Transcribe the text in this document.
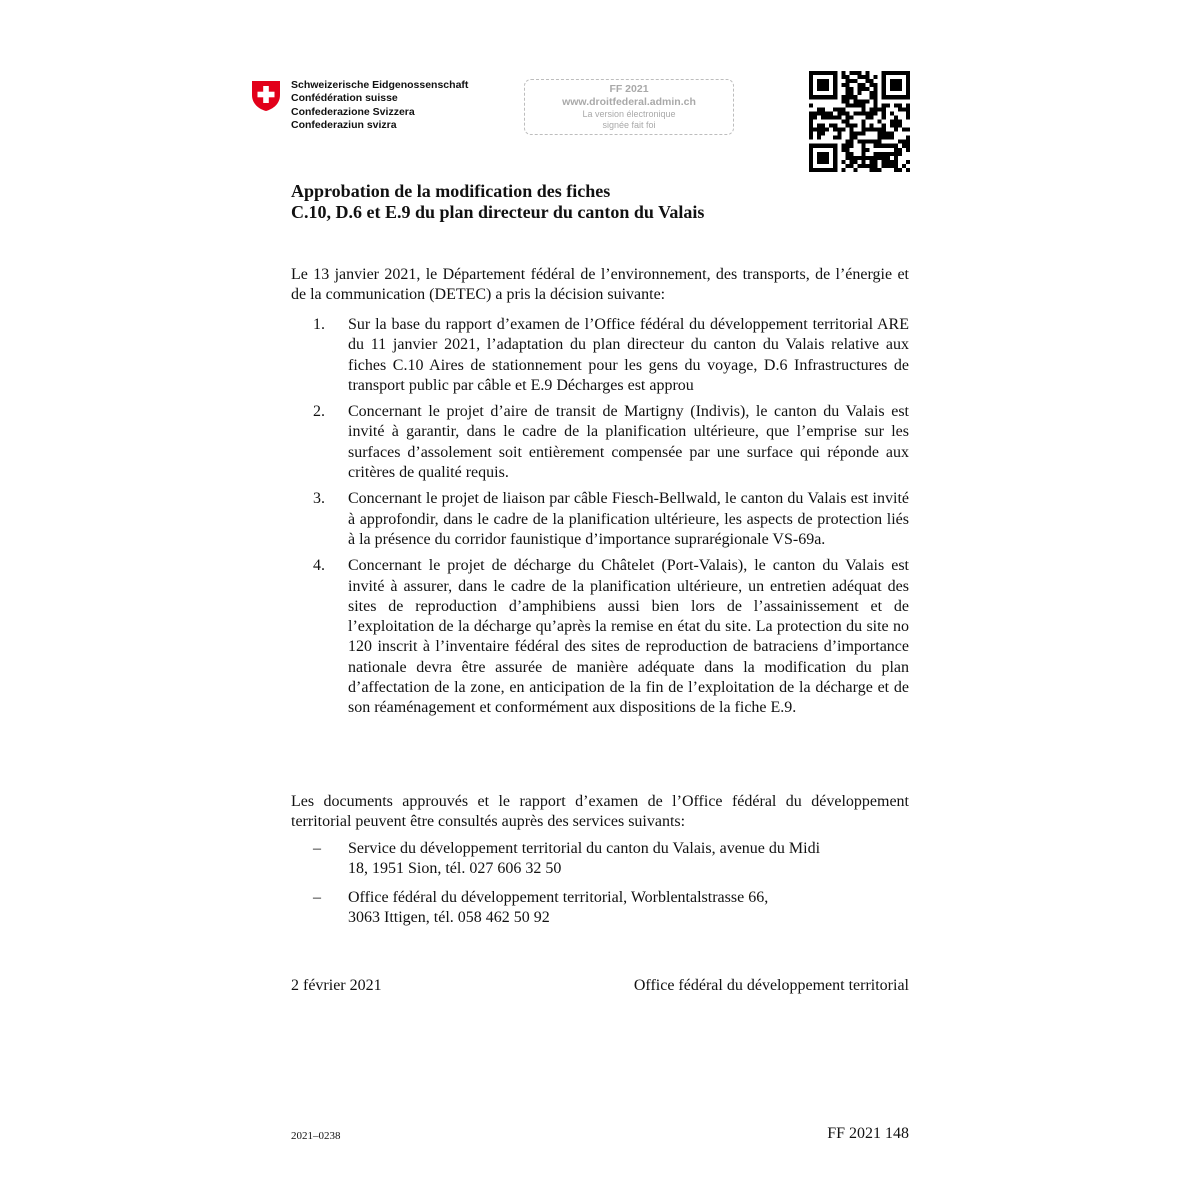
Schweizerische Eidgenossenschaft
Confédération suisse
Confederazione Svizzera
Confederaziun svizra
FF 2021
www.droitfederal.admin.ch
La version électronique
signée fait foi
Approbation de la modification des fiches
C.10, D.6 et E.9 du plan directeur du canton du Valais
Le 13 janvier 2021, le Département fédéral de l’environnement, des transports, de l’énergie et de la communication (DETEC) a pris la décision suivante:
1. Sur la base du rapport d’examen de l’Office fédéral du développement territorial ARE du 11 janvier 2021, l’adaptation du plan directeur du canton du Valais relative aux fiches C.10 Aires de stationnement pour les gens du voyage, D.6 Infrastructures de transport public par câble et E.9 Décharges est approu
2. Concernant le projet d’aire de transit de Martigny (Indivis), le canton du Valais est invité à garantir, dans le cadre de la planification ultérieure, que l’emprise sur les surfaces d’assolement soit entièrement compensée par une surface qui réponde aux critères de qualité requis.
3. Concernant le projet de liaison par câble Fiesch-Bellwald, le canton du Valais est invité à approfondir, dans le cadre de la planification ultérieure, les aspects de protection liés à la présence du corridor faunistique d’importance suprarégionale VS-69a.
4. Concernant le projet de décharge du Châtelet (Port-Valais), le canton du Valais est invité à assurer, dans le cadre de la planification ultérieure, un entretien adéquat des sites de reproduction d’amphibiens aussi bien lors de l’assainissement et de l’exploitation de la décharge qu’après la remise en état du site. La protection du site no 120 inscrit à l’inventaire fédéral des sites de reproduction de batraciens d’importance nationale devra être assurée de manière adéquate dans la modification du plan d’affectation de la zone, en anticipation de la fin de l’exploitation de la décharge et de son réaménagement et conformément aux dispositions de la fiche E.9.
Les documents approuvés et le rapport d’examen de l’Office fédéral du développement territorial peuvent être consultés auprès des services suivants:
– Service du développement territorial du canton du Valais, avenue du Midi
18, 1951 Sion, tél. 027 606 32 50
– Office fédéral du développement territorial, Worblentalstrasse 66,
3063 Ittigen, tél. 058 462 50 92
2 février 2021	Office fédéral du développement territorial
2021–0238	FF 2021 148
